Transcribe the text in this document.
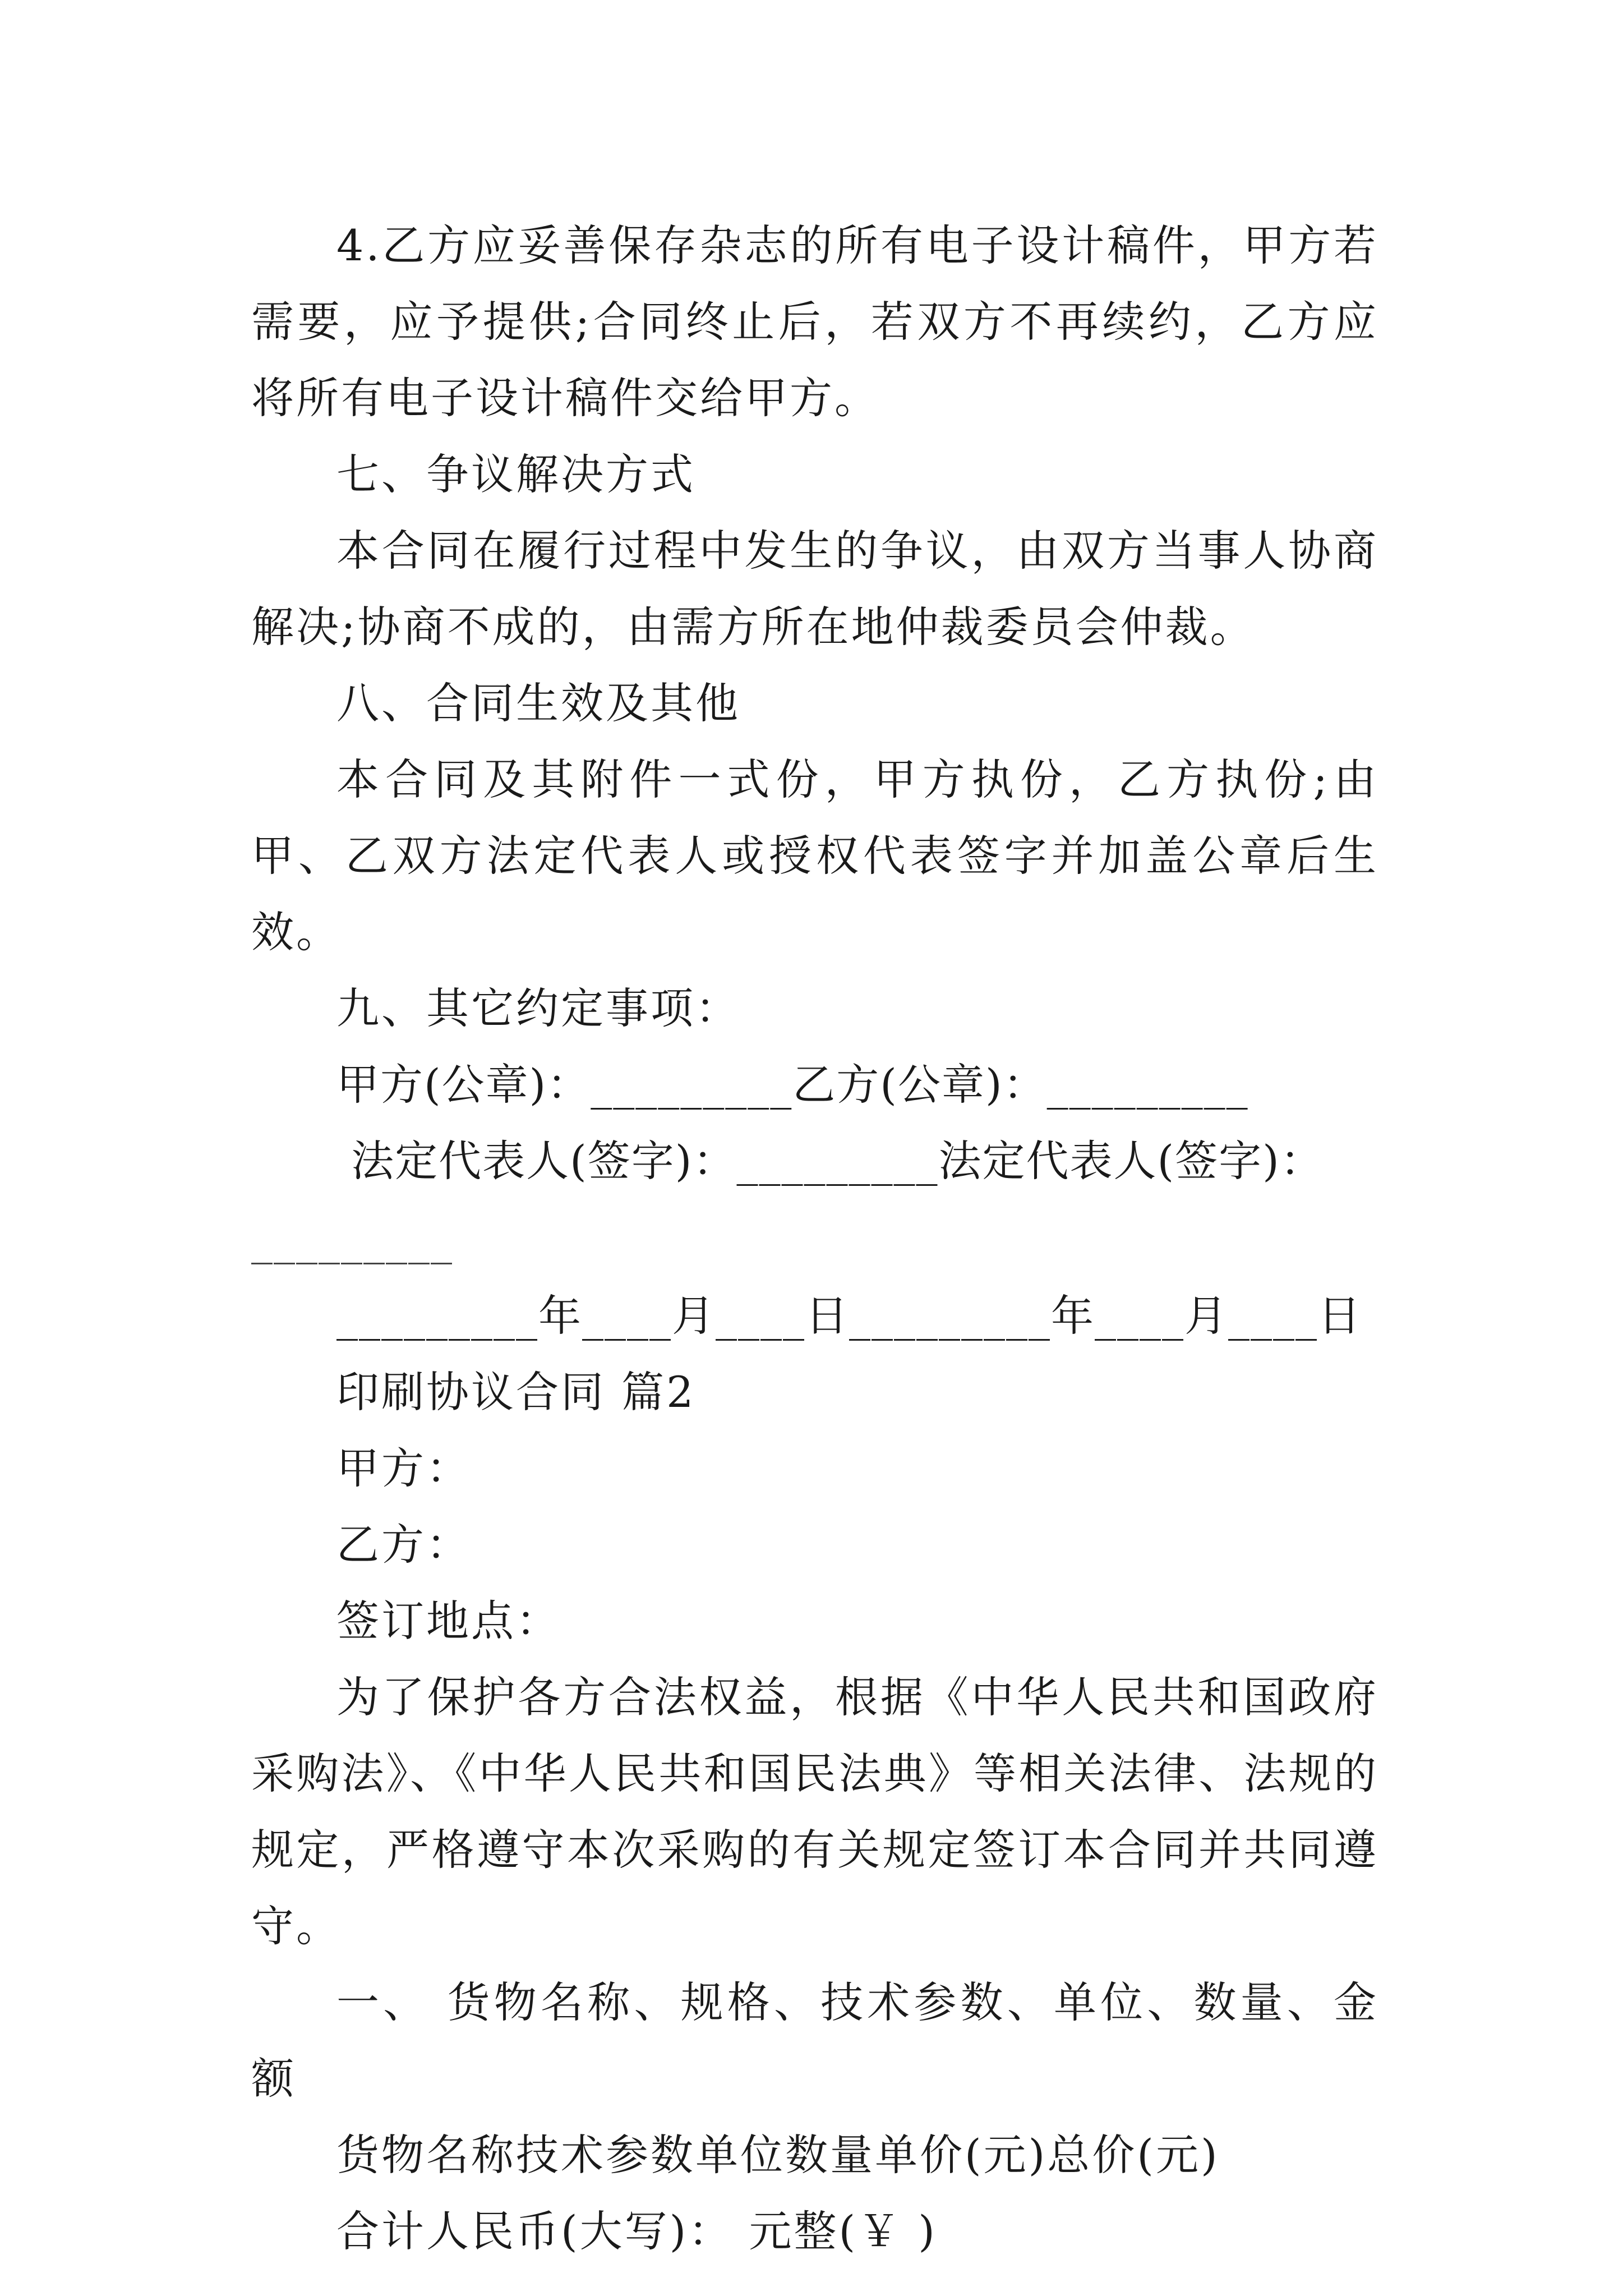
4.乙方应妥善保存杂志的所有电子设计稿件，甲方若需要，应予提供;合同终止后，若双方不再续约，乙方应将所有电子设计稿件交给甲方。

七、争议解决方式

本合同在履行过程中发生的争议，由双方当事人协商解决;协商不成的，由需方所在地仲裁委员会仲裁。

八、合同生效及其他

本合同及其附件一式份，甲方执份，乙方执份;由甲、乙双方法定代表人或授权代表签字并加盖公章后生效。

九、其它约定事项：

甲方(公章)：_________乙方(公章)：_________

法定代表人(签字)：_________法定代表人(签字)：

_________

_________年____月____日_________年____月____日

印刷协议合同 篇2

甲方：

乙方：

签订地点：

为了保护各方合法权益，根据《中华人民共和国政府采购法》、《中华人民共和国民法典》等相关法律、法规的规定，严格遵守本次采购的有关规定签订本合同并共同遵守。

一、 货物名称、规格、技术参数、单位、数量、金额

货物名称技术参数单位数量单价(元)总价(元)

合计人民币(大写)： 元整(￥ )
